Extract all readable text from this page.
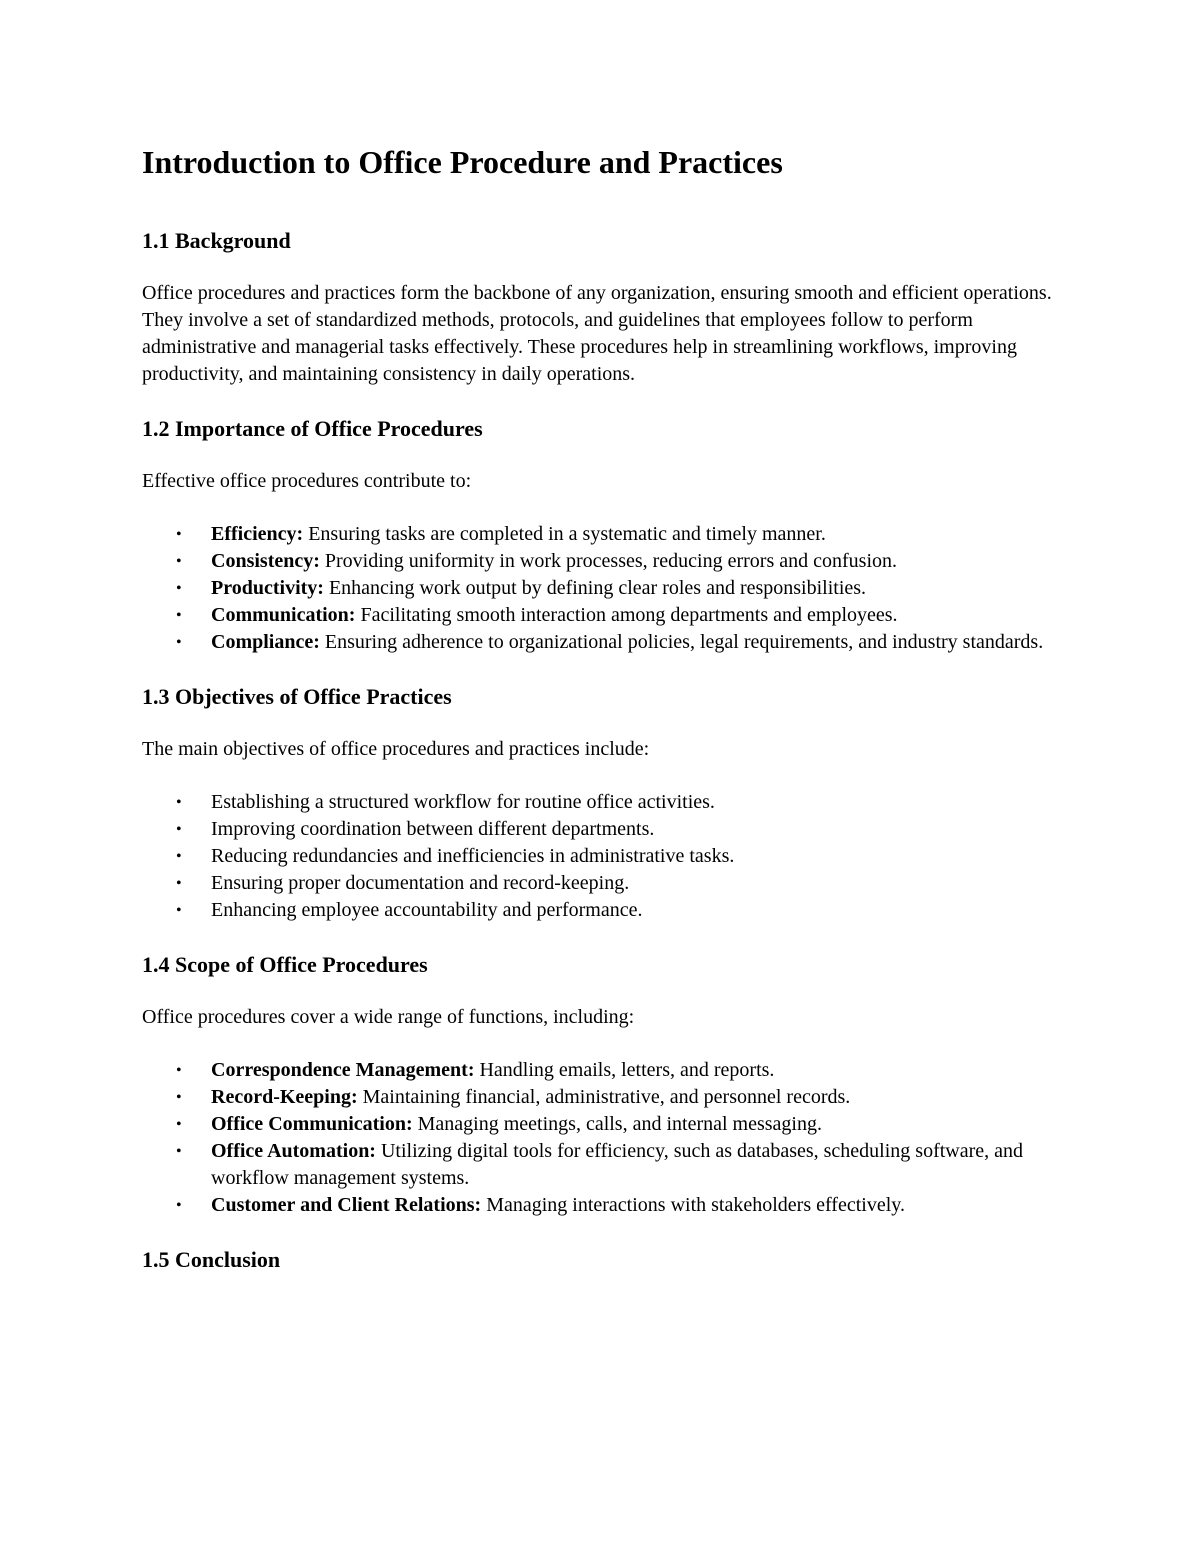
Introduction to Office Procedure and Practices
1.1 Background

Office procedures and practices form the backbone of any organization, ensuring smooth and efficient operations. They involve a set of standardized methods, protocols, and guidelines that employees follow to perform administrative and managerial tasks effectively. These procedures help in streamlining workflows, improving productivity, and maintaining consistency in daily operations.

1.2 Importance of Office Procedures

Effective office procedures contribute to:

• Efficiency: Ensuring tasks are completed in a systematic and timely manner.
• Consistency: Providing uniformity in work processes, reducing errors and confusion.
• Productivity: Enhancing work output by defining clear roles and responsibilities.
• Communication: Facilitating smooth interaction among departments and employees.
• Compliance: Ensuring adherence to organizational policies, legal requirements, and industry standards.
1.3 Objectives of Office Practices

The main objectives of office procedures and practices include:

• Establishing a structured workflow for routine office activities.
• Improving coordination between different departments.
• Reducing redundancies and inefficiencies in administrative tasks.
• Ensuring proper documentation and record-keeping.
• Enhancing employee accountability and performance.
1.4 Scope of Office Procedures

Office procedures cover a wide range of functions, including:

• Correspondence Management: Handling emails, letters, and reports.
• Record-Keeping: Maintaining financial, administrative, and personnel records.
• Office Communication: Managing meetings, calls, and internal messaging.
• Office Automation: Utilizing digital tools for efficiency, such as databases, scheduling software, and workflow management systems.
• Customer and Client Relations: Managing interactions with stakeholders effectively.
1.5 Conclusion
